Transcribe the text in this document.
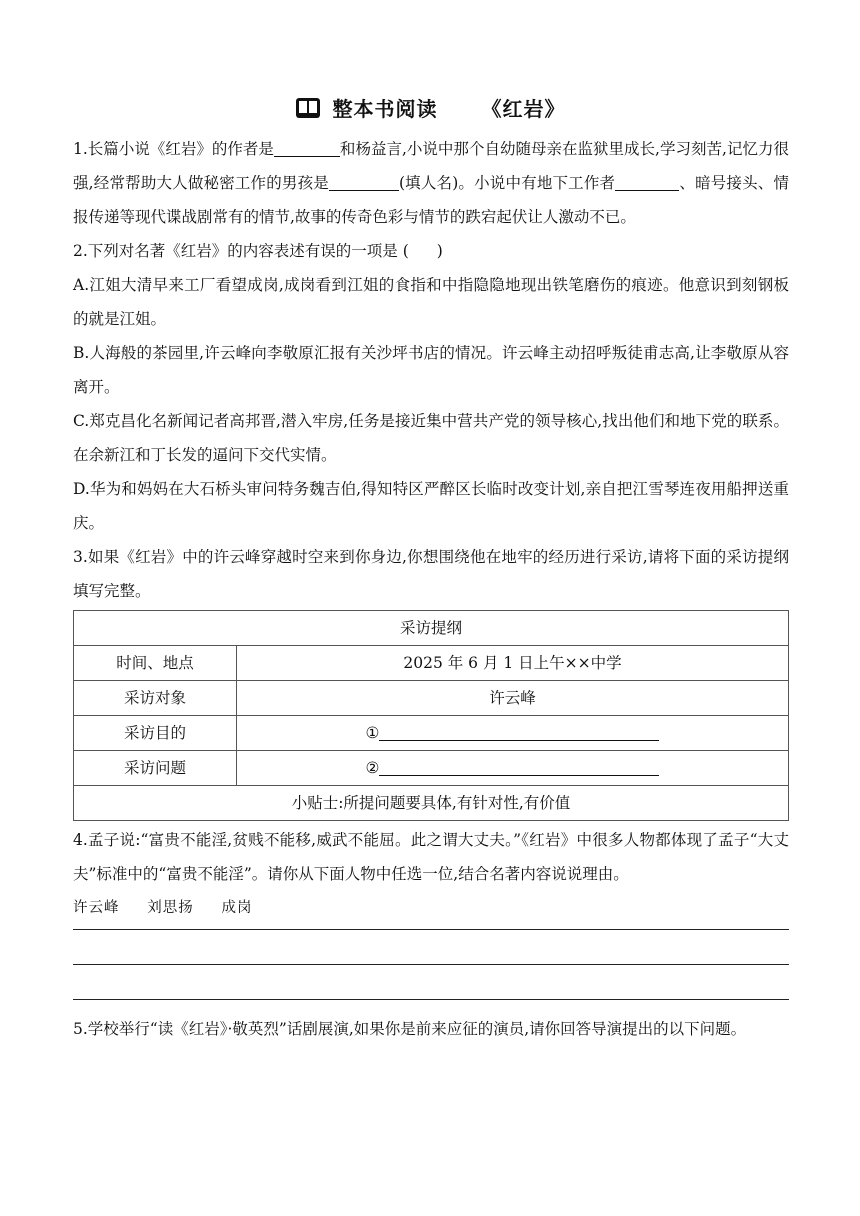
整本书阅读 《红岩》

1.长篇小说《红岩》的作者是	和杨益言,小说中那个自幼随母亲在监狱里成长,学习刻苦,记忆力很强,经常帮助大人做秘密工作的男孩是	(填人名)。小说中有地下工作者	、暗号接头、情报传递等现代谍战剧常有的情节,故事的传奇色彩与情节的跌宕起伏让人激动不已。

2.下列对名著《红岩》的内容表述有误的一项是 ( )

A.江姐大清早来工厂看望成岗,成岗看到江姐的食指和中指隐隐地现出铁笔磨伤的痕迹。他意识到刻钢板的就是江姐。

B.人海般的茶园里,许云峰向李敬原汇报有关沙坪书店的情况。许云峰主动招呼叛徒甫志高,让李敬原从容离开。

C.郑克昌化名新闻记者高邦晋,潜入牢房,任务是接近集中营共产党的领导核心,找出他们和地下党的联系。在余新江和丁长发的逼问下交代实情。

D.华为和妈妈在大石桥头审问特务魏吉伯,得知特区严醉区长临时改变计划,亲自把江雪琴连夜用船押送重庆。

3.如果《红岩》中的许云峰穿越时空来到你身边,你想围绕他在地牢的经历进行采访,请将下面的采访提纲填写完整。

采访提纲	
时间、地点	2025 年 6 月 1 日上午××中学
采访对象	许云峰
采访目的	①
采访问题	②
小贴士:所提问题要具体,有针对性,有价值	

4.孟子说:“富贵不能淫,贫贱不能移,威武不能屈。此之谓大丈夫。”《红岩》中很多人物都体现了孟子“大丈夫”标准中的“富贵不能淫”。请你从下面人物中任选一位,结合名著内容说说理由。

许云峰 刘思扬 成岗

5.学校举行“读《红岩》·敬英烈”话剧展演,如果你是前来应征的演员,请你回答导演提出的以下问题。
